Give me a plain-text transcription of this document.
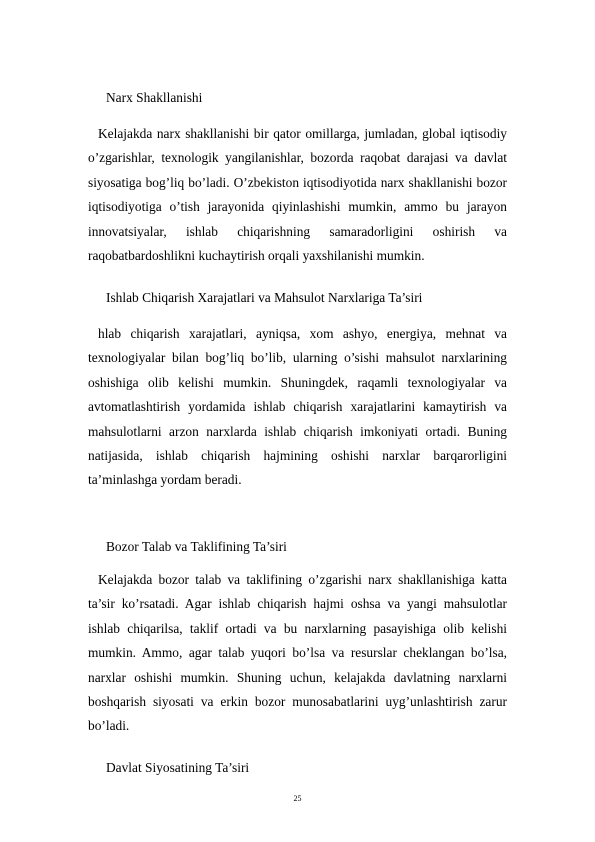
Narx Shakllanishi

Kelajakda narx shakllanishi bir qator omillarga, jumladan, global iqtisodiy o’zgarishlar, texnologik yangilanishlar, bozorda raqobat darajasi va davlat siyosatiga bog’liq bo’ladi. O’zbekiston iqtisodiyotida narx shakllanishi bozor iqtisodiyotiga o’tish jarayonida qiyinlashishi mumkin, ammo bu jarayon innovatsiyalar, ishlab chiqarishning samaradorligini oshirish va raqobatbardoshlikni kuchaytirish orqali yaxshilanishi mumkin.

Ishlab Chiqarish Xarajatlari va Mahsulot Narxlariga Ta’siri

hlab chiqarish xarajatlari, ayniqsa, xom ashyo, energiya, mehnat va texnologiyalar bilan bog’liq bo’lib, ularning o’sishi mahsulot narxlarining oshishiga olib kelishi mumkin. Shuningdek, raqamli texnologiyalar va avtomatlashtirish yordamida ishlab chiqarish xarajatlarini kamaytirish va mahsulotlarni arzon narxlarda ishlab chiqarish imkoniyati ortadi. Buning natijasida, ishlab chiqarish hajmining oshishi narxlar barqarorligini ta’minlashga yordam beradi.

Bozor Talab va Taklifining Ta’siri

Kelajakda bozor talab va taklifining o’zgarishi narx shakllanishiga katta ta’sir ko’rsatadi. Agar ishlab chiqarish hajmi oshsa va yangi mahsulotlar ishlab chiqarilsa, taklif ortadi va bu narxlarning pasayishiga olib kelishi mumkin. Ammo, agar talab yuqori bo’lsa va resurslar cheklangan bo’lsa, narxlar oshishi mumkin. Shuning uchun, kelajakda davlatning narxlarni boshqarish siyosati va erkin bozor munosabatlarini uyg’unlashtirish zarur bo’ladi.

Davlat Siyosatining Ta’siri
25
